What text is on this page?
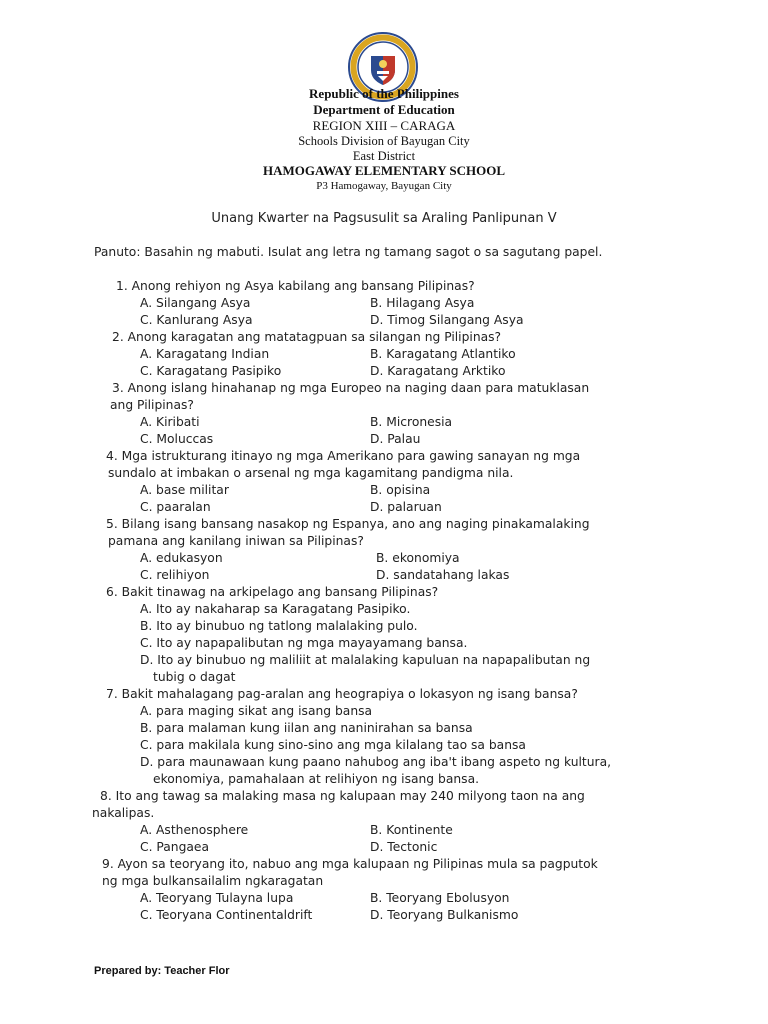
Republic of the Philippines
Department of Education
REGION XIII – CARAGA
Schools Division of Bayugan City
East District
HAMOGAWAY ELEMENTARY SCHOOL
P3 Hamogaway, Bayugan City
Unang Kwarter na Pagsusulit sa Araling Panlipunan V
Panuto: Basahin ng mabuti. Isulat ang letra ng tamang sagot o sa sagutang papel.
1. Anong rehiyon ng Asya kabilang ang bansang Pilipinas?
A. Silangang Asya	B. Hilagang Asya
C. Kanlurang Asya	D. Timog Silangang Asya
2. Anong karagatan ang matatagpuan sa silangan ng Pilipinas?
A. Karagatang Indian	B. Karagatang Atlantiko
C. Karagatang Pasipiko	D. Karagatang Arktiko
3. Anong islang hinahanap ng mga Europeo na naging daan para matuklasan
ang Pilipinas?
A. Kiribati	B. Micronesia
C. Moluccas	D. Palau
4. Mga istrukturang itinayo ng mga Amerikano para gawing sanayan ng mga
sundalo at imbakan o arsenal ng mga kagamitang pandigma nila.
A. base militar	B. opisina
C. paaralan	D. palaruan
5. Bilang isang bansang nasakop ng Espanya, ano ang naging pinakamalaking
pamana ang kanilang iniwan sa Pilipinas?
A. edukasyon	B. ekonomiya
C. relihiyon	D. sandatahang lakas
6. Bakit tinawag na arkipelago ang bansang Pilipinas?
A. Ito ay nakaharap sa Karagatang Pasipiko.
B. Ito ay binubuo ng tatlong malalaking pulo.
C. Ito ay napapalibutan ng mga mayayamang bansa.
D. Ito ay binubuo ng maliliit at malalaking kapuluan na napapalibutan ng
tubig o dagat
7. Bakit mahalagang pag-aralan ang heograpiya o lokasyon ng isang bansa?
A. para maging sikat ang isang bansa
B. para malaman kung iilan ang naninirahan sa bansa
C. para makilala kung sino-sino ang mga kilalang tao sa bansa
D. para maunawaan kung paano nahubog ang iba't ibang aspeto ng kultura,
ekonomiya, pamahalaan at relihiyon ng isang bansa.
8. Ito ang tawag sa malaking masa ng kalupaan may 240 milyong taon na ang
nakalipas.
A. Asthenosphere	B. Kontinente
C. Pangaea	D. Tectonic
9. Ayon sa teoryang ito, nabuo ang mga kalupaan ng Pilipinas mula sa pagputok
ng mga bulkansailalim ngkaragatan
A. Teoryang Tulayna lupa	B. Teoryang Ebolusyon
C. Teoryana Continentaldrift	D. Teoryang Bulkanismo
Prepared by: Teacher Flor
